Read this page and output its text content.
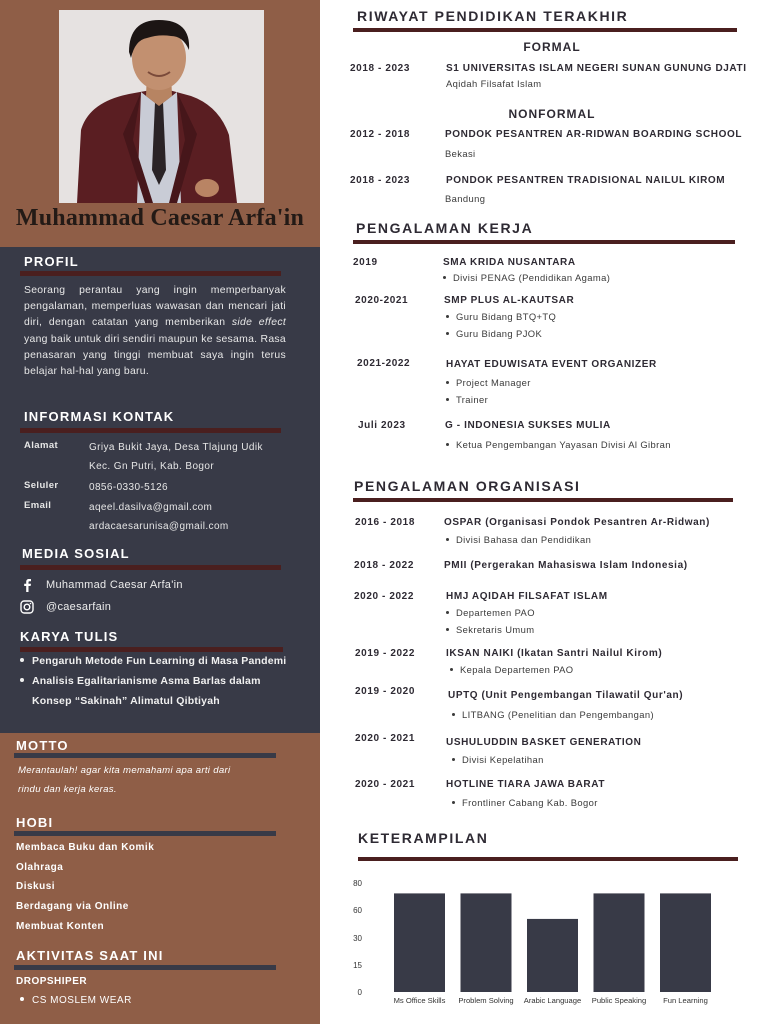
Muhammad Caesar Arfa'in
PROFIL
Seorang perantau yang ingin memperbanyak pengalaman, memperluas wawasan dan mencari jati diri, dengan catatan yang memberikan side effect yang baik untuk diri sendiri maupun ke sesama. Rasa penasaran yang tinggi membuat saya ingin terus belajar hal-hal yang baru.
INFORMASI KONTAK
Alamat	Griya Bukit Jaya, Desa Tlajung Udik
Kec. Gn Putri, Kab. Bogor
Seluler	0856-0330-5126
Email	aqeel.dasilva@gmail.com
ardacaesarunisa@gmail.com
MEDIA SOSIAL
Muhammad Caesar Arfa'in
@caesarfain
KARYA TULIS
Pengaruh Metode Fun Learning di Masa Pandemi
Analisis Egalitarianisme Asma Barlas dalam
Konsep “Sakinah” Alimatul Qibtiyah
MOTTO
Merantaulah! agar kita memahami apa arti dari
rindu dan kerja keras.
HOBI
Membaca Buku dan Komik
Olahraga
Diskusi
Berdagang via Online
Membuat Konten
AKTIVITAS SAAT INI
DROPSHIPER
CS MOSLEM WEAR
RIWAYAT PENDIDIKAN TERAKHIR
FORMAL
2018 - 2023	S1 UNIVERSITAS ISLAM NEGERI SUNAN GUNUNG DJATI
Aqidah Filsafat Islam
NONFORMAL
2012 - 2018	PONDOK PESANTREN AR-RIDWAN BOARDING SCHOOL
Bekasi
2018 - 2023	PONDOK PESANTREN TRADISIONAL NAILUL KIROM
Bandung
PENGALAMAN KERJA
2019	SMA KRIDA NUSANTARA
Divisi PENAG (Pendidikan Agama)
2020-2021	SMP PLUS AL-KAUTSAR
Guru Bidang BTQ+TQ
Guru Bidang PJOK
2021-2022	HAYAT EDUWISATA EVENT ORGANIZER
Project Manager
Trainer
Juli 2023	G - INDONESIA SUKSES MULIA
Ketua Pengembangan Yayasan Divisi Al Gibran
PENGALAMAN ORGANISASI
2016 - 2018	OSPAR (Organisasi Pondok Pesantren Ar-Ridwan)
Divisi Bahasa dan Pendidikan
2018 - 2022	PMII (Pergerakan Mahasiswa Islam Indonesia)
2020 - 2022	HMJ AQIDAH FILSAFAT ISLAM
Departemen PAO
Sekretaris Umum
2019 - 2022	IKSAN NAIKI (Ikatan Santri Nailul Kirom)
Kepala Departemen PAO
2019 - 2020	UPTQ (Unit Pengembangan Tilawatil Qur'an)
LITBANG (Penelitian dan Pengembangan)
2020 - 2021	USHULUDDIN BASKET GENERATION
Divisi Kepelatihan
2020 - 2021	HOTLINE TIARA JAWA BARAT
Frontliner Cabang Kab. Bogor
KETERAMPILAN
80
60
30
15
0
Ms Office Skills Problem Solving Arabic Language Public Speaking Fun Learning
